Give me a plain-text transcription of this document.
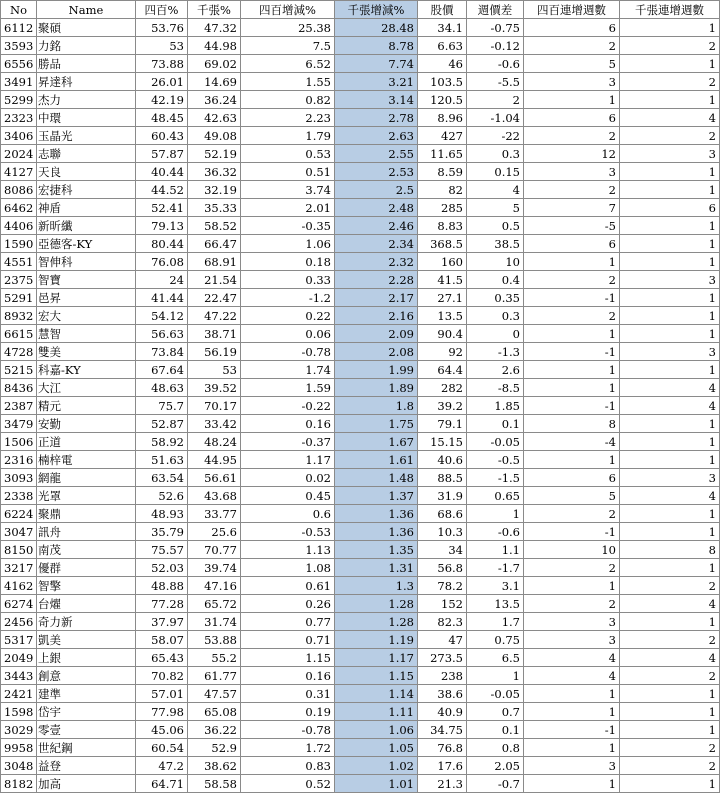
No	Name	四百%	千張%	四百增減%	千張增減%	股價	週價差	四百連增週數	千張連增週數
6112	聚碩	53.76	47.32	25.38	28.48	34.1	-0.75	6	1
3593	力銘	53	44.98	7.5	8.78	6.63	-0.12	2	2
6556	勝品	73.88	69.02	6.52	7.74	46	-0.6	5	1
3491	昇達科	26.01	14.69	1.55	3.21	103.5	-5.5	3	2
5299	杰力	42.19	36.24	0.82	3.14	120.5	2	1	1
2323	中環	48.45	42.63	2.23	2.78	8.96	-1.04	6	4
3406	玉晶光	60.43	49.08	1.79	2.63	427	-22	2	2
2024	志聯	57.87	52.19	0.53	2.55	11.65	0.3	12	3
4127	天良	40.44	36.32	0.51	2.53	8.59	0.15	3	1
8086	宏捷科	44.52	32.19	3.74	2.5	82	4	2	1
6462	神盾	52.41	35.33	2.01	2.48	285	5	7	6
4406	新昕纖	79.13	58.52	-0.35	2.46	8.83	0.5	-5	1
1590	亞德客-KY	80.44	66.47	1.06	2.34	368.5	38.5	6	1
4551	智伸科	76.08	68.91	0.18	2.32	160	10	1	1
2375	智寶	24	21.54	0.33	2.28	41.5	0.4	2	3
5291	邑昇	41.44	22.47	-1.2	2.17	27.1	0.35	-1	1
8932	宏大	54.12	47.22	0.22	2.16	13.5	0.3	2	1
6615	慧智	56.63	38.71	0.06	2.09	90.4	0	1	1
4728	雙美	73.84	56.19	-0.78	2.08	92	-1.3	-1	3
5215	科嘉-KY	67.64	53	1.74	1.99	64.4	2.6	1	1
8436	大江	48.63	39.52	1.59	1.89	282	-8.5	1	4
2387	精元	75.7	70.17	-0.22	1.8	39.2	1.85	-1	4
3479	安勤	52.87	33.42	0.16	1.75	79.1	0.1	8	1
1506	正道	58.92	48.24	-0.37	1.67	15.15	-0.05	-4	1
2316	楠梓電	51.63	44.95	1.17	1.61	40.6	-0.5	1	1
3093	網龍	63.54	56.61	0.02	1.48	88.5	-1.5	6	3
2338	光罩	52.6	43.68	0.45	1.37	31.9	0.65	5	4
6224	聚鼎	48.93	33.77	0.6	1.36	68.6	1	2	1
3047	訊舟	35.79	25.6	-0.53	1.36	10.3	-0.6	-1	1
8150	南茂	75.57	70.77	1.13	1.35	34	1.1	10	8
3217	優群	52.03	39.74	1.08	1.31	56.8	-1.7	2	1
4162	智擎	48.88	47.16	0.61	1.3	78.2	3.1	1	2
6274	台燿	77.28	65.72	0.26	1.28	152	13.5	2	4
2456	奇力新	37.97	31.74	0.77	1.28	82.3	1.7	3	1
5317	凱美	58.07	53.88	0.71	1.19	47	0.75	3	2
2049	上銀	65.43	55.2	1.15	1.17	273.5	6.5	4	4
3443	創意	70.82	61.77	0.16	1.15	238	1	4	2
2421	建準	57.01	47.57	0.31	1.14	38.6	-0.05	1	1
1598	岱宇	77.98	65.08	0.19	1.11	40.9	0.7	1	1
3029	零壹	45.06	36.22	-0.78	1.06	34.75	0.1	-1	1
9958	世紀鋼	60.54	52.9	1.72	1.05	76.8	0.8	1	2
3048	益登	47.2	38.62	0.83	1.02	17.6	2.05	3	2
8182	加高	64.71	58.58	0.52	1.01	21.3	-0.7	1	1
